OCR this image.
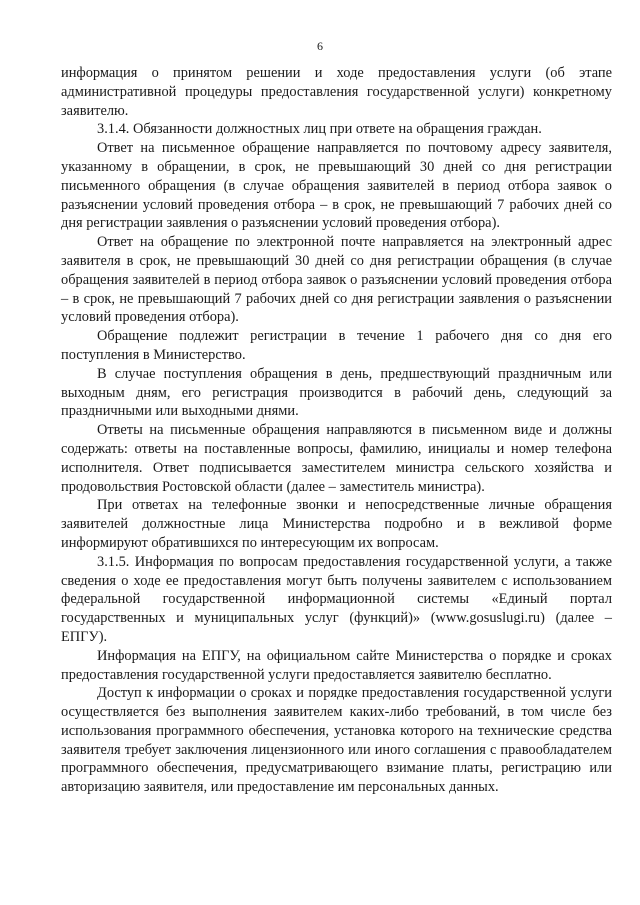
6

информация о принятом решении и ходе предоставления услуги (об этапе административной процедуры предоставления государственной услуги) конкретному заявителю.

3.1.4. Обязанности должностных лиц при ответе на обращения граждан.

Ответ на письменное обращение направляется по почтовому адресу заявителя, указанному в обращении, в срок, не превышающий 30 дней со дня регистрации письменного обращения (в случае обращения заявителей в период отбора заявок о разъяснении условий проведения отбора – в срок, не превышающий 7 рабочих дней со дня регистрации заявления о разъяснении условий проведения отбора).

Ответ на обращение по электронной почте направляется на электронный адрес заявителя в срок, не превышающий 30 дней со дня регистрации обращения (в случае обращения заявителей в период отбора заявок о разъяснении условий проведения отбора – в срок, не превышающий 7 рабочих дней со дня регистрации заявления о разъяснении условий проведения отбора).

Обращение подлежит регистрации в течение 1 рабочего дня со дня его поступления в Министерство.

В случае поступления обращения в день, предшествующий праздничным или выходным дням, его регистрация производится в рабочий день, следующий за праздничными или выходными днями.

Ответы на письменные обращения направляются в письменном виде и должны содержать: ответы на поставленные вопросы, фамилию, инициалы и номер телефона исполнителя. Ответ подписывается заместителем министра сельского хозяйства и продовольствия Ростовской области (далее – заместитель министра).

При ответах на телефонные звонки и непосредственные личные обращения заявителей должностные лица Министерства подробно и в вежливой форме информируют обратившихся по интересующим их вопросам.

3.1.5. Информация по вопросам предоставления государственной услуги, а также сведения о ходе ее предоставления могут быть получены заявителем с использованием федеральной государственной информационной системы «Единый портал государственных и муниципальных услуг (функций)» (www.gosuslugi.ru) (далее – ЕПГУ).

Информация на ЕПГУ, на официальном сайте Министерства о порядке и сроках предоставления государственной услуги предоставляется заявителю бесплатно.

Доступ к информации о сроках и порядке предоставления государственной услуги осуществляется без выполнения заявителем каких-либо требований, в том числе без использования программного обеспечения, установка которого на технические средства заявителя требует заключения лицензионного или иного соглашения с правообладателем программного обеспечения, предусматривающего взимание платы, регистрацию или авторизацию заявителя, или предоставление им персональных данных.
